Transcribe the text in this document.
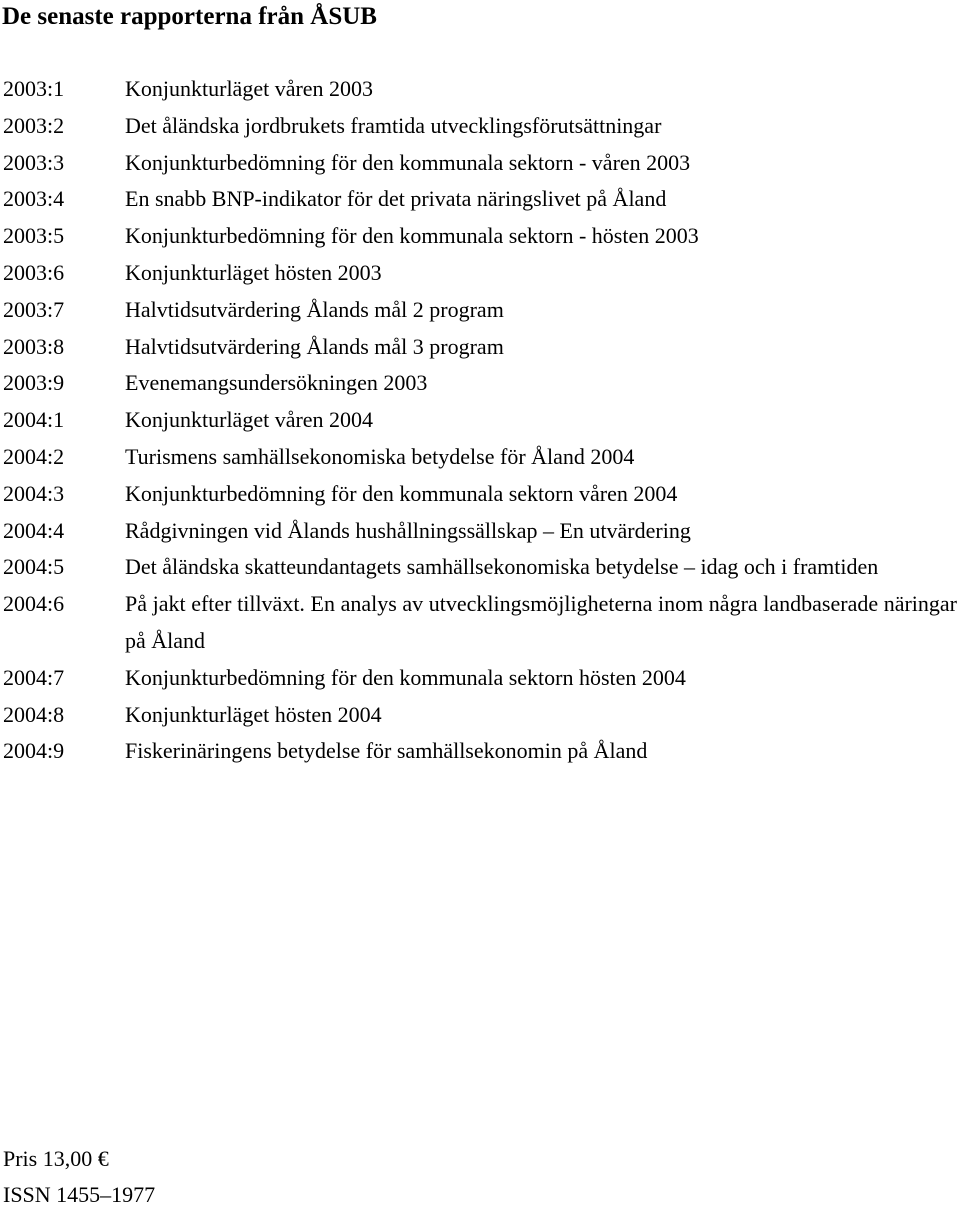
De senaste rapporterna från ÅSUB
2003:1	Konjunkturläget våren 2003
2003:2	Det åländska jordbrukets framtida utvecklingsförutsättningar
2003:3	Konjunkturbedömning för den kommunala sektorn - våren 2003
2003:4	En snabb BNP-indikator för det privata näringslivet på Åland
2003:5	Konjunkturbedömning för den kommunala sektorn - hösten 2003
2003:6	Konjunkturläget hösten 2003
2003:7	Halvtidsutvärdering Ålands mål 2 program
2003:8	Halvtidsutvärdering Ålands mål 3 program
2003:9	Evenemangsundersökningen 2003
2004:1	Konjunkturläget våren 2004
2004:2	Turismens samhällsekonomiska betydelse för Åland 2004
2004:3	Konjunkturbedömning för den kommunala sektorn våren 2004
2004:4	Rådgivningen vid Ålands hushållningssällskap – En utvärdering
2004:5	Det åländska skatteundantagets samhällsekonomiska betydelse – idag och i framtiden
2004:6	På jakt efter tillväxt. En analys av utvecklingsmöjligheterna inom några landbaserade näringar på Åland
2004:7	Konjunkturbedömning för den kommunala sektorn hösten 2004
2004:8	Konjunkturläget hösten 2004
2004:9	Fiskerinäringens betydelse för samhällsekonomin på Åland
Pris 13,00 €
ISSN 1455–1977
